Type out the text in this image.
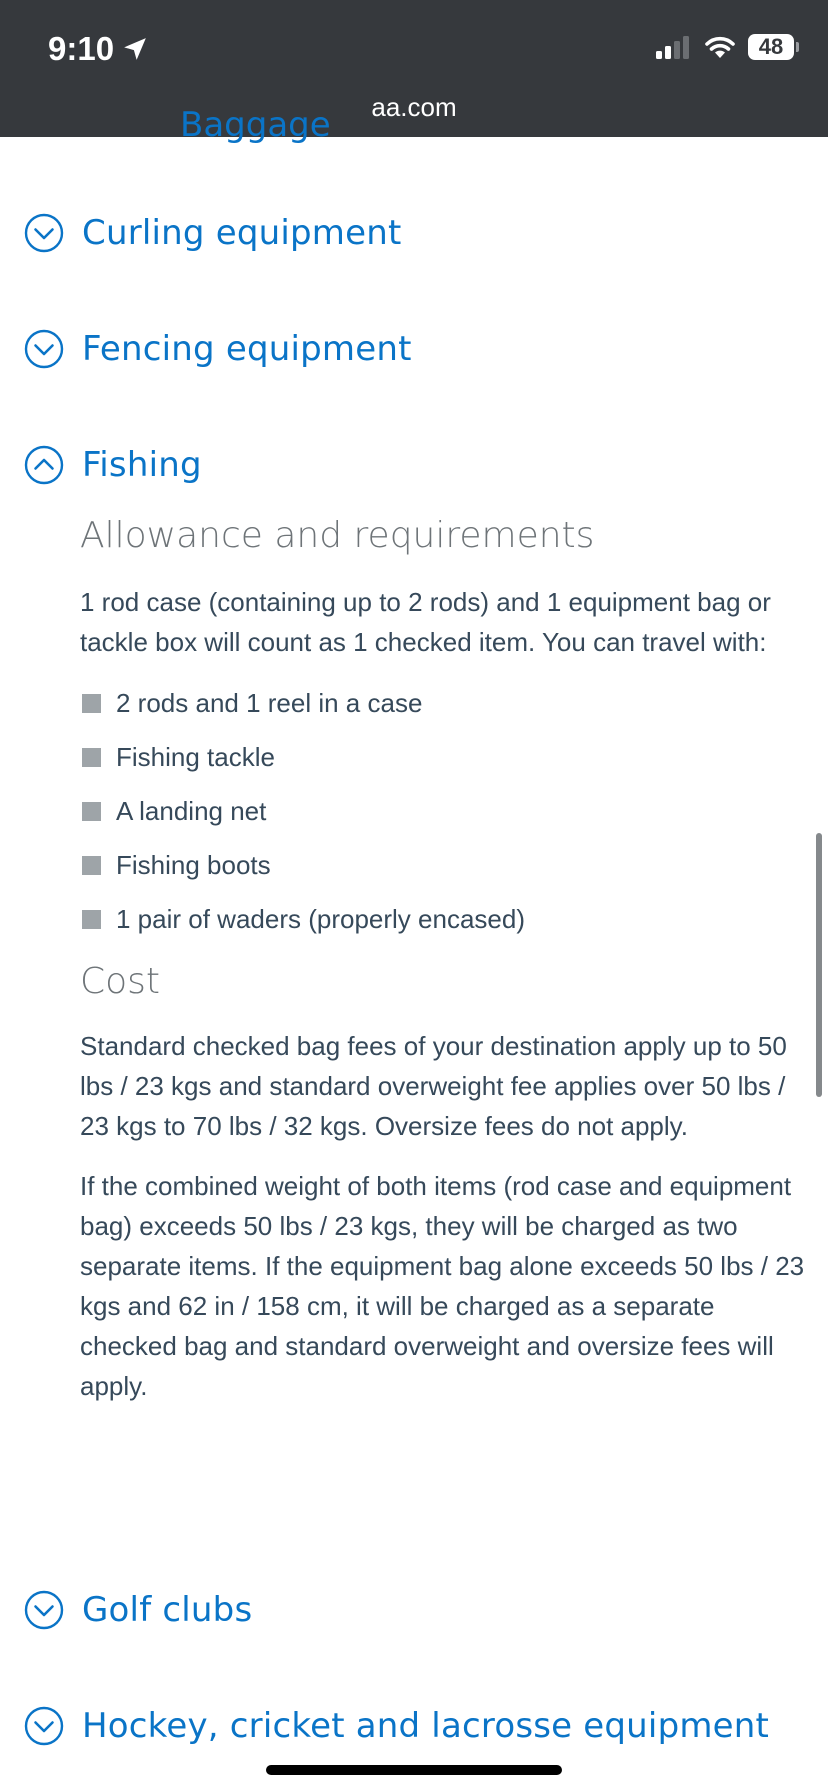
9:10	48
aa.com
Baggage
Curling equipment
Fencing equipment
Fishing
Allowance and requirements

1 rod case (containing up to 2 rods) and 1 equipment bag or tackle box will count as 1 checked item. You can travel with:

2 rods and 1 reel in a case
Fishing tackle
A landing net
Fishing boots
1 pair of waders (properly encased)
Cost

Standard checked bag fees of your destination apply up to 50 lbs / 23 kgs and standard overweight fee applies over 50 lbs / 23 kgs to 70 lbs / 32 kgs. Oversize fees do not apply.

If the combined weight of both items (rod case and equipment bag) exceeds 50 lbs / 23 kgs, they will be charged as two separate items. If the equipment bag alone exceeds 50 lbs / 23 kgs and 62 in / 158 cm, it will be charged as a separate checked bag and standard overweight and oversize fees will apply.

Golf clubs
Hockey, cricket and lacrosse equipment
